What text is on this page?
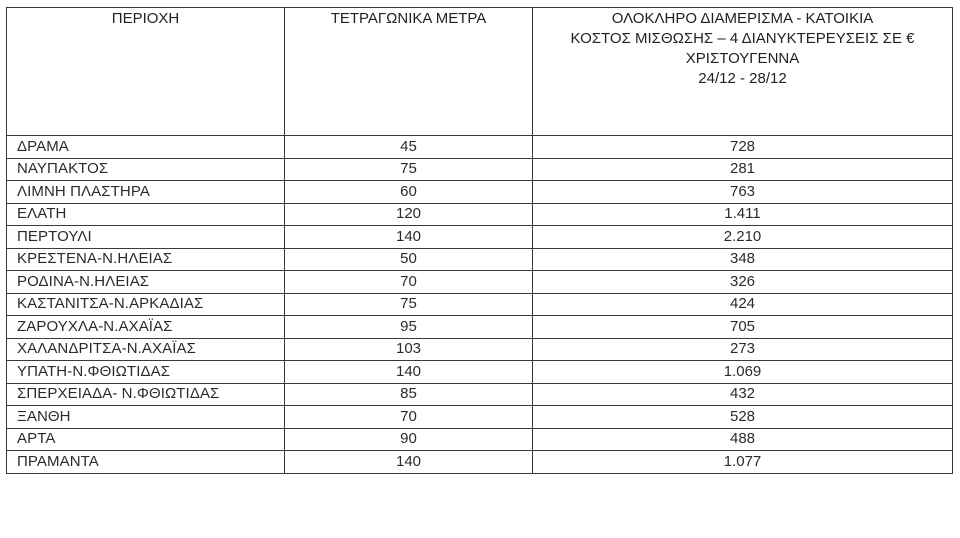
ΠΕΡΙΟΧΗ	ΤΕΤΡΑΓΩΝΙΚΑ ΜΕΤΡΑ	ΟΛΟΚΛΗΡΟ ΔΙΑΜΕΡΙΣΜΑ - ΚΑΤΟΙΚΙΑ
ΚΟΣΤΟΣ ΜΙΣΘΩΣΗΣ – 4 ΔΙΑΝΥΚΤΕΡΕΥΣΕΙΣ ΣΕ €
ΧΡΙΣΤΟΥΓΕΝΝΑ
24/12 - 28/12

ΔΡΑΜΑ	45	728
ΝΑΥΠΑΚΤΟΣ	75	281
ΛΙΜΝΗ ΠΛΑΣΤΗΡΑ	60	763
ΕΛΑΤΗ	120	1.411
ΠΕΡΤΟΥΛΙ	140	2.210
ΚΡΕΣΤΕΝΑ-Ν.ΗΛΕΙΑΣ	50	348
ΡΟΔΙΝΑ-Ν.ΗΛΕΙΑΣ	70	326
ΚΑΣΤΑΝΙΤΣΑ-Ν.ΑΡΚΑΔΙΑΣ	75	424
ΖΑΡΟΥΧΛΑ-Ν.ΑΧΑΪΑΣ	95	705
ΧΑΛΑΝΔΡΙΤΣΑ-Ν.ΑΧΑΪΑΣ	103	273
ΥΠΑΤΗ-Ν.ΦΘΙΩΤΙΔΑΣ	140	1.069
ΣΠΕΡΧΕΙΑΔΑ- Ν.ΦΘΙΩΤΙΔΑΣ	85	432
ΞΑΝΘΗ	70	528
ΑΡΤΑ	90	488
ΠΡΑΜΑΝΤΑ	140	1.077
